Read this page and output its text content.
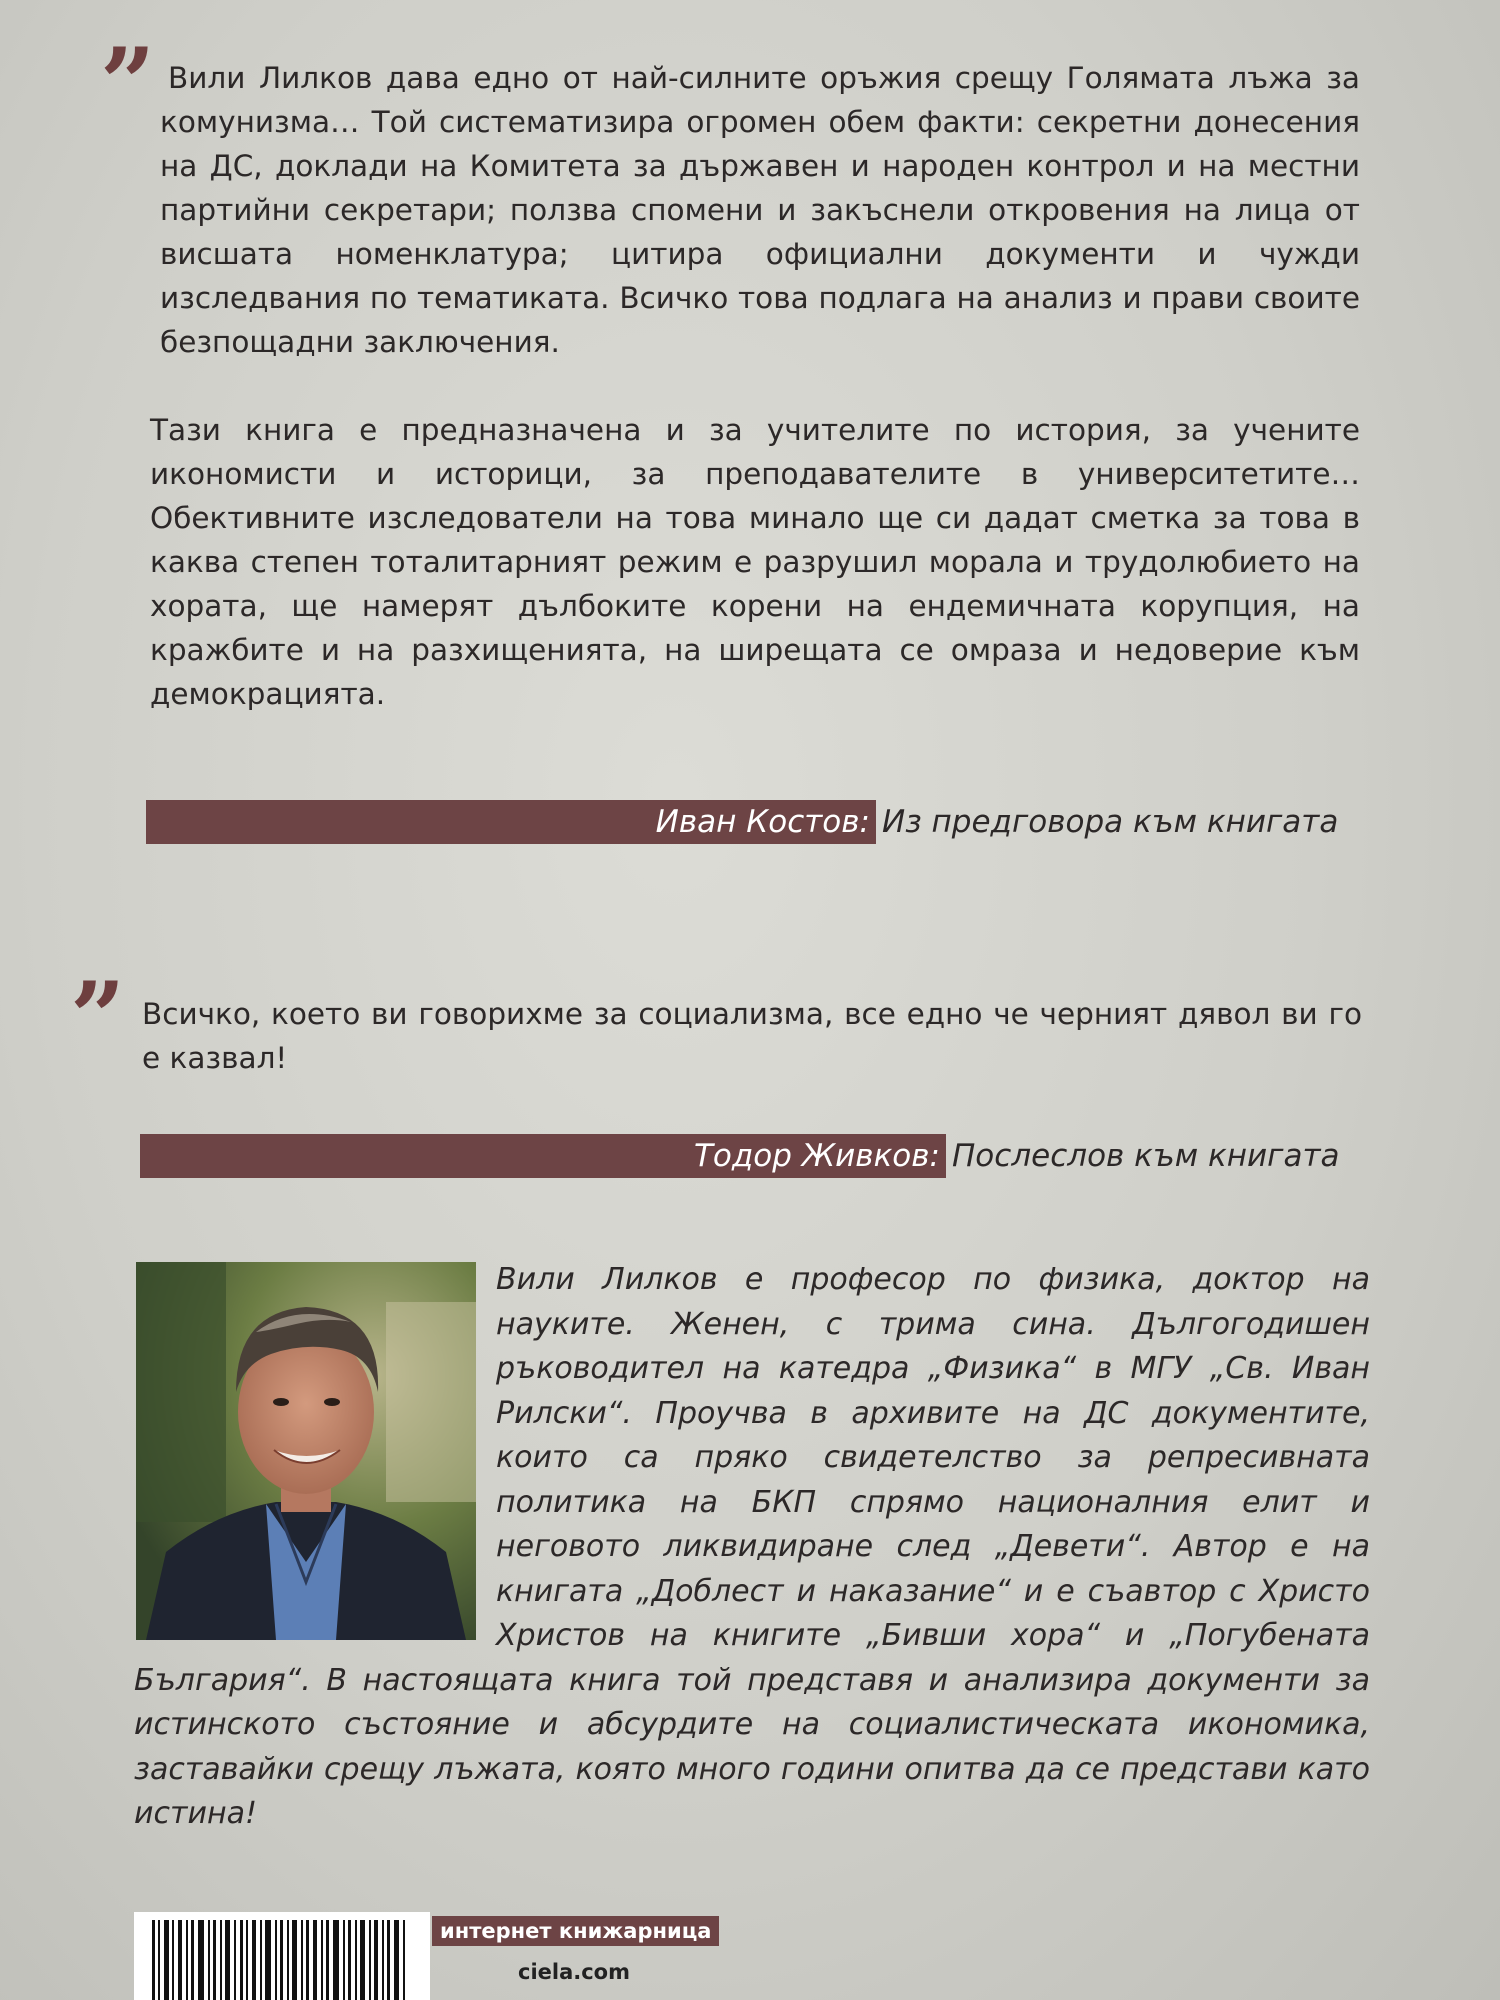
” Вили Лилков дава едно от най-силните оръжия срещу Голямата лъжа за комунизма… Той систематизира огромен обем факти: секретни донесения на ДС, доклади на Комитета за държавен и народен контрол и на местни партийни секретари; ползва спомени и закъснели откровения на лица от висшата номенклатура; цитира официални документи и чужди изследвания по тематиката. Всичко това подлага на анализ и прави своите безпощадни заключения.

Тази книга е предназначена и за учителите по история, за учените икономисти и историци, за преподавателите в университетите… Обективните изследователи на това минало ще си дадат сметка за това в каква степен тоталитарният режим е разрушил морала и трудолюбието на хората, ще намерят дълбоките корени на ендемичната корупция, на кражбите и на разхищенията, на ширещата се омраза и недоверие към демокрацията.

Иван Костов: Из предговора към книгата
” Всичко, което ви говорихме за социализма, все едно че черният дявол ви го е казвал!

Тодор Живков: Послеслов към книгата
Вили Лилков е професор по физика, доктор на науките. Женен, с трима сина. Дългогодишен ръководител на катедра „Физика“ в МГУ „Св. Иван Рилски“. Проучва в архивите на ДС документите, които са пряко свидетелство за репресивната политика на БКП спрямо националния елит и неговото ликвидиране след „Девети“. Автор е на книгата „Доблест и наказание“ и е съавтор с Христо Христов на книгите „Бивши хора“ и „Погубената България“. В настоящата книга той представя и анализира документи за истинското състояние и абсурдите на социалистическата икономика, заставайки срещу лъжата, която много години опитва да се представи като истина!
интернет книжарница
ciela.com
